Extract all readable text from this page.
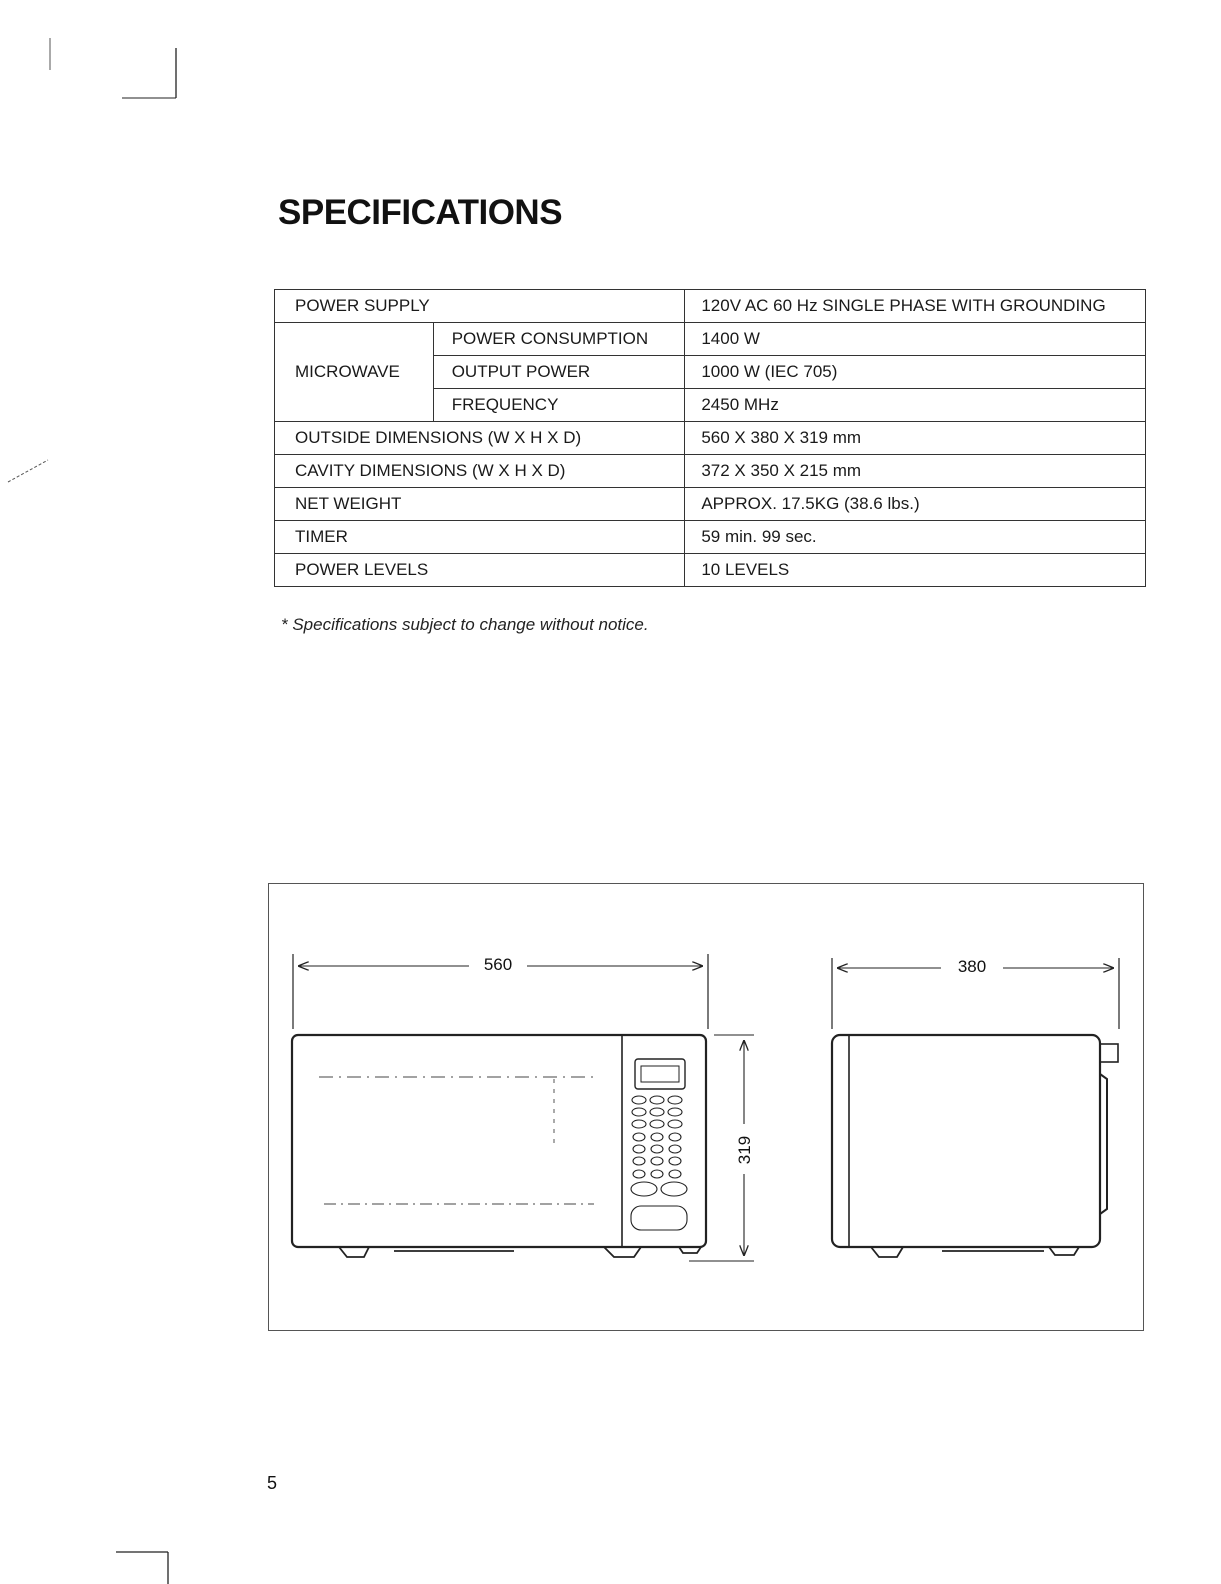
SPECIFICATIONS
POWER SUPPLY		120V AC 60 Hz SINGLE PHASE WITH GROUNDING
MICROWAVE	POWER CONSUMPTION	1400 W
	OUTPUT POWER	1000 W (IEC 705)
	FREQUENCY	2450 MHz
OUTSIDE DIMENSIONS (W X H X D)		560 X 380 X 319 mm
CAVITY DIMENSIONS (W X H X D)		372 X 350 X 215 mm
NET WEIGHT		APPROX. 17.5KG (38.6 lbs.)
TIMER		59 min. 99 sec.
POWER LEVELS		10 LEVELS
* Specifications subject to change without notice.
560
319
380
5
